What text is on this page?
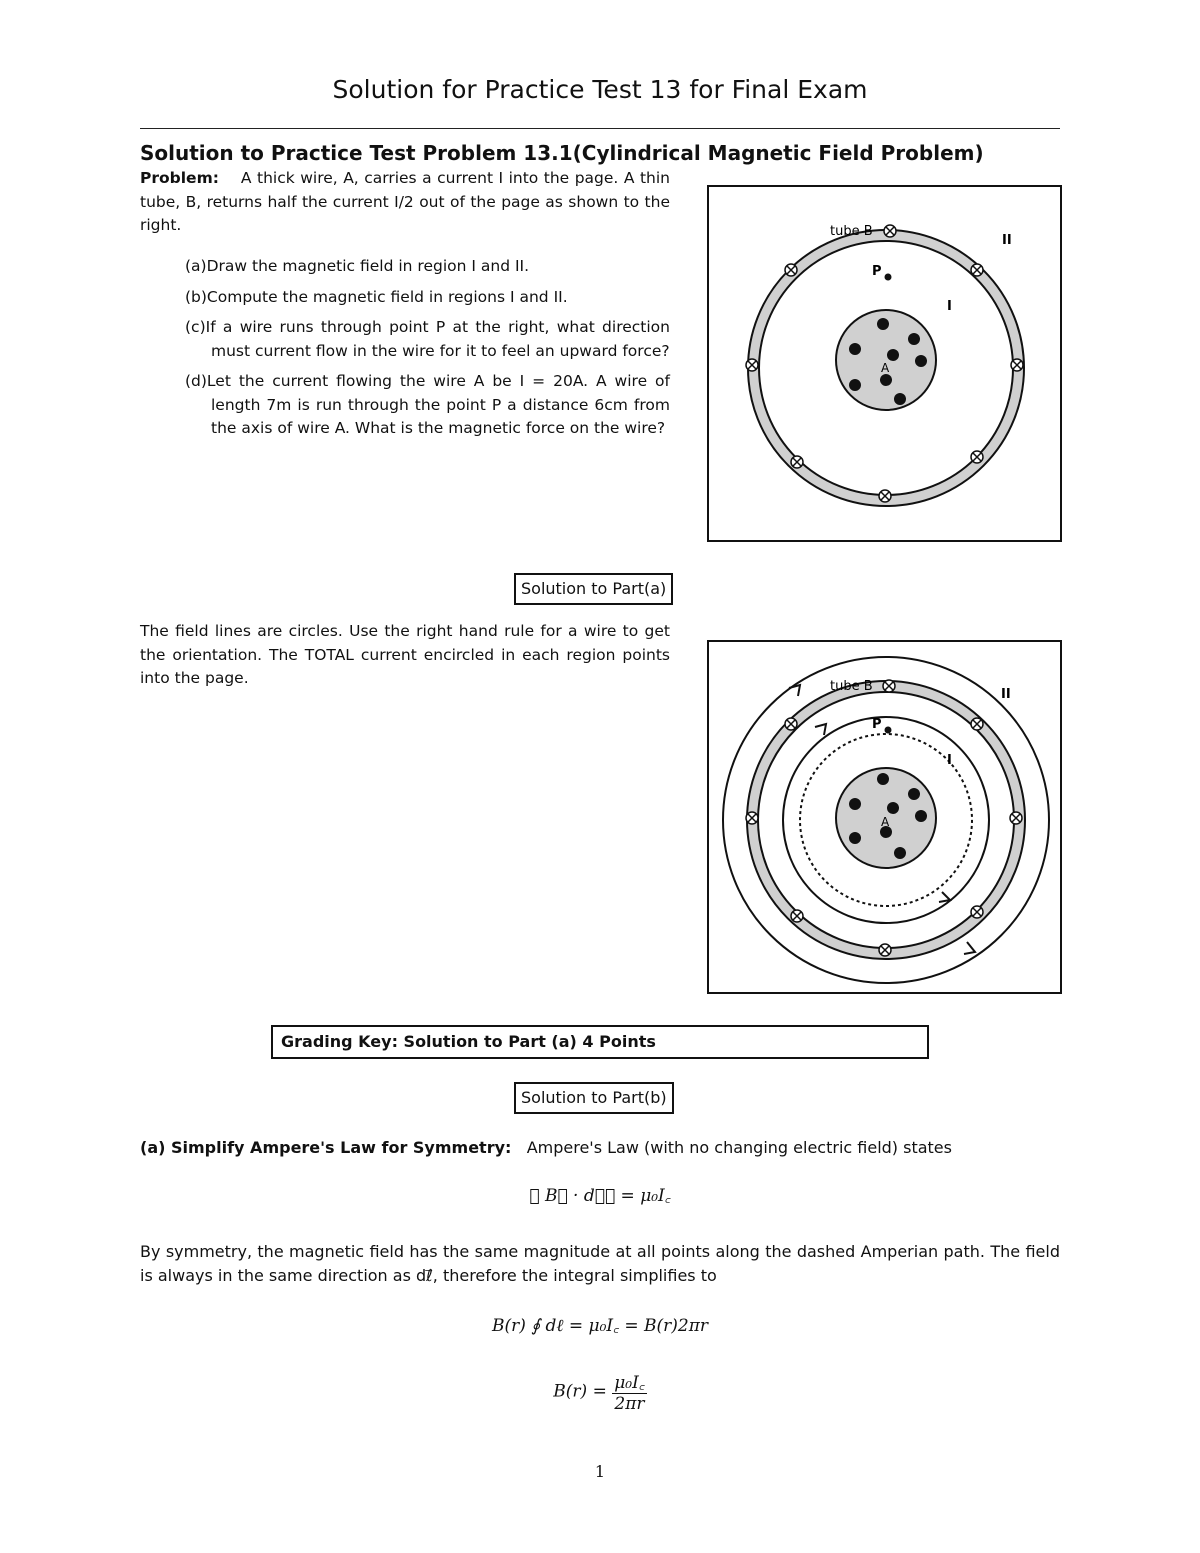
Solution for Practice Test 13 for Final Exam
Solution to Practice Test Problem 13.1(Cylindrical Magnetic Field Problem)
Problem: A thick wire, A, carries a current I into the page. A thin tube, B, returns half the current I/2 out of the page as shown to the right.
(a)Draw the magnetic field in region I and II.
(b)Compute the magnetic field in regions I and II.
(c)If a wire runs through point P at the right, what direction must current flow in the wire for it to feel an upward force?
(d)Let the current flowing the wire A be I = 20A. A wire of length 7m is run through the point P a distance 6cm from the axis of wire A. What is the magnetic force on the wire?
tube B
II
P
I
A
Solution to Part(a)
The field lines are circles. Use the right hand rule for a wire to get the orientation. The TOTAL current encircled in each region points into the page.	tube B
II
P
I
A
Grading Key: Solution to Part (a) 4 Points
Solution to Part(b)
(a) Simplify Ampere's Law for Symmetry: Ampere's Law (with no changing electric field) states
∮ B⃗ · dℓ⃗ = μ₀I꜀
By symmetry, the magnetic field has the same magnitude at all points along the dashed Amperian path. The field is always in the same direction as dℓ⃗, therefore the integral simplifies to
B(r) ∮ dℓ = μ₀I꜀ = B(r)2πr
$B(r) = \frac{\text{μ₀I꜀}}{2\pi r}$
1
